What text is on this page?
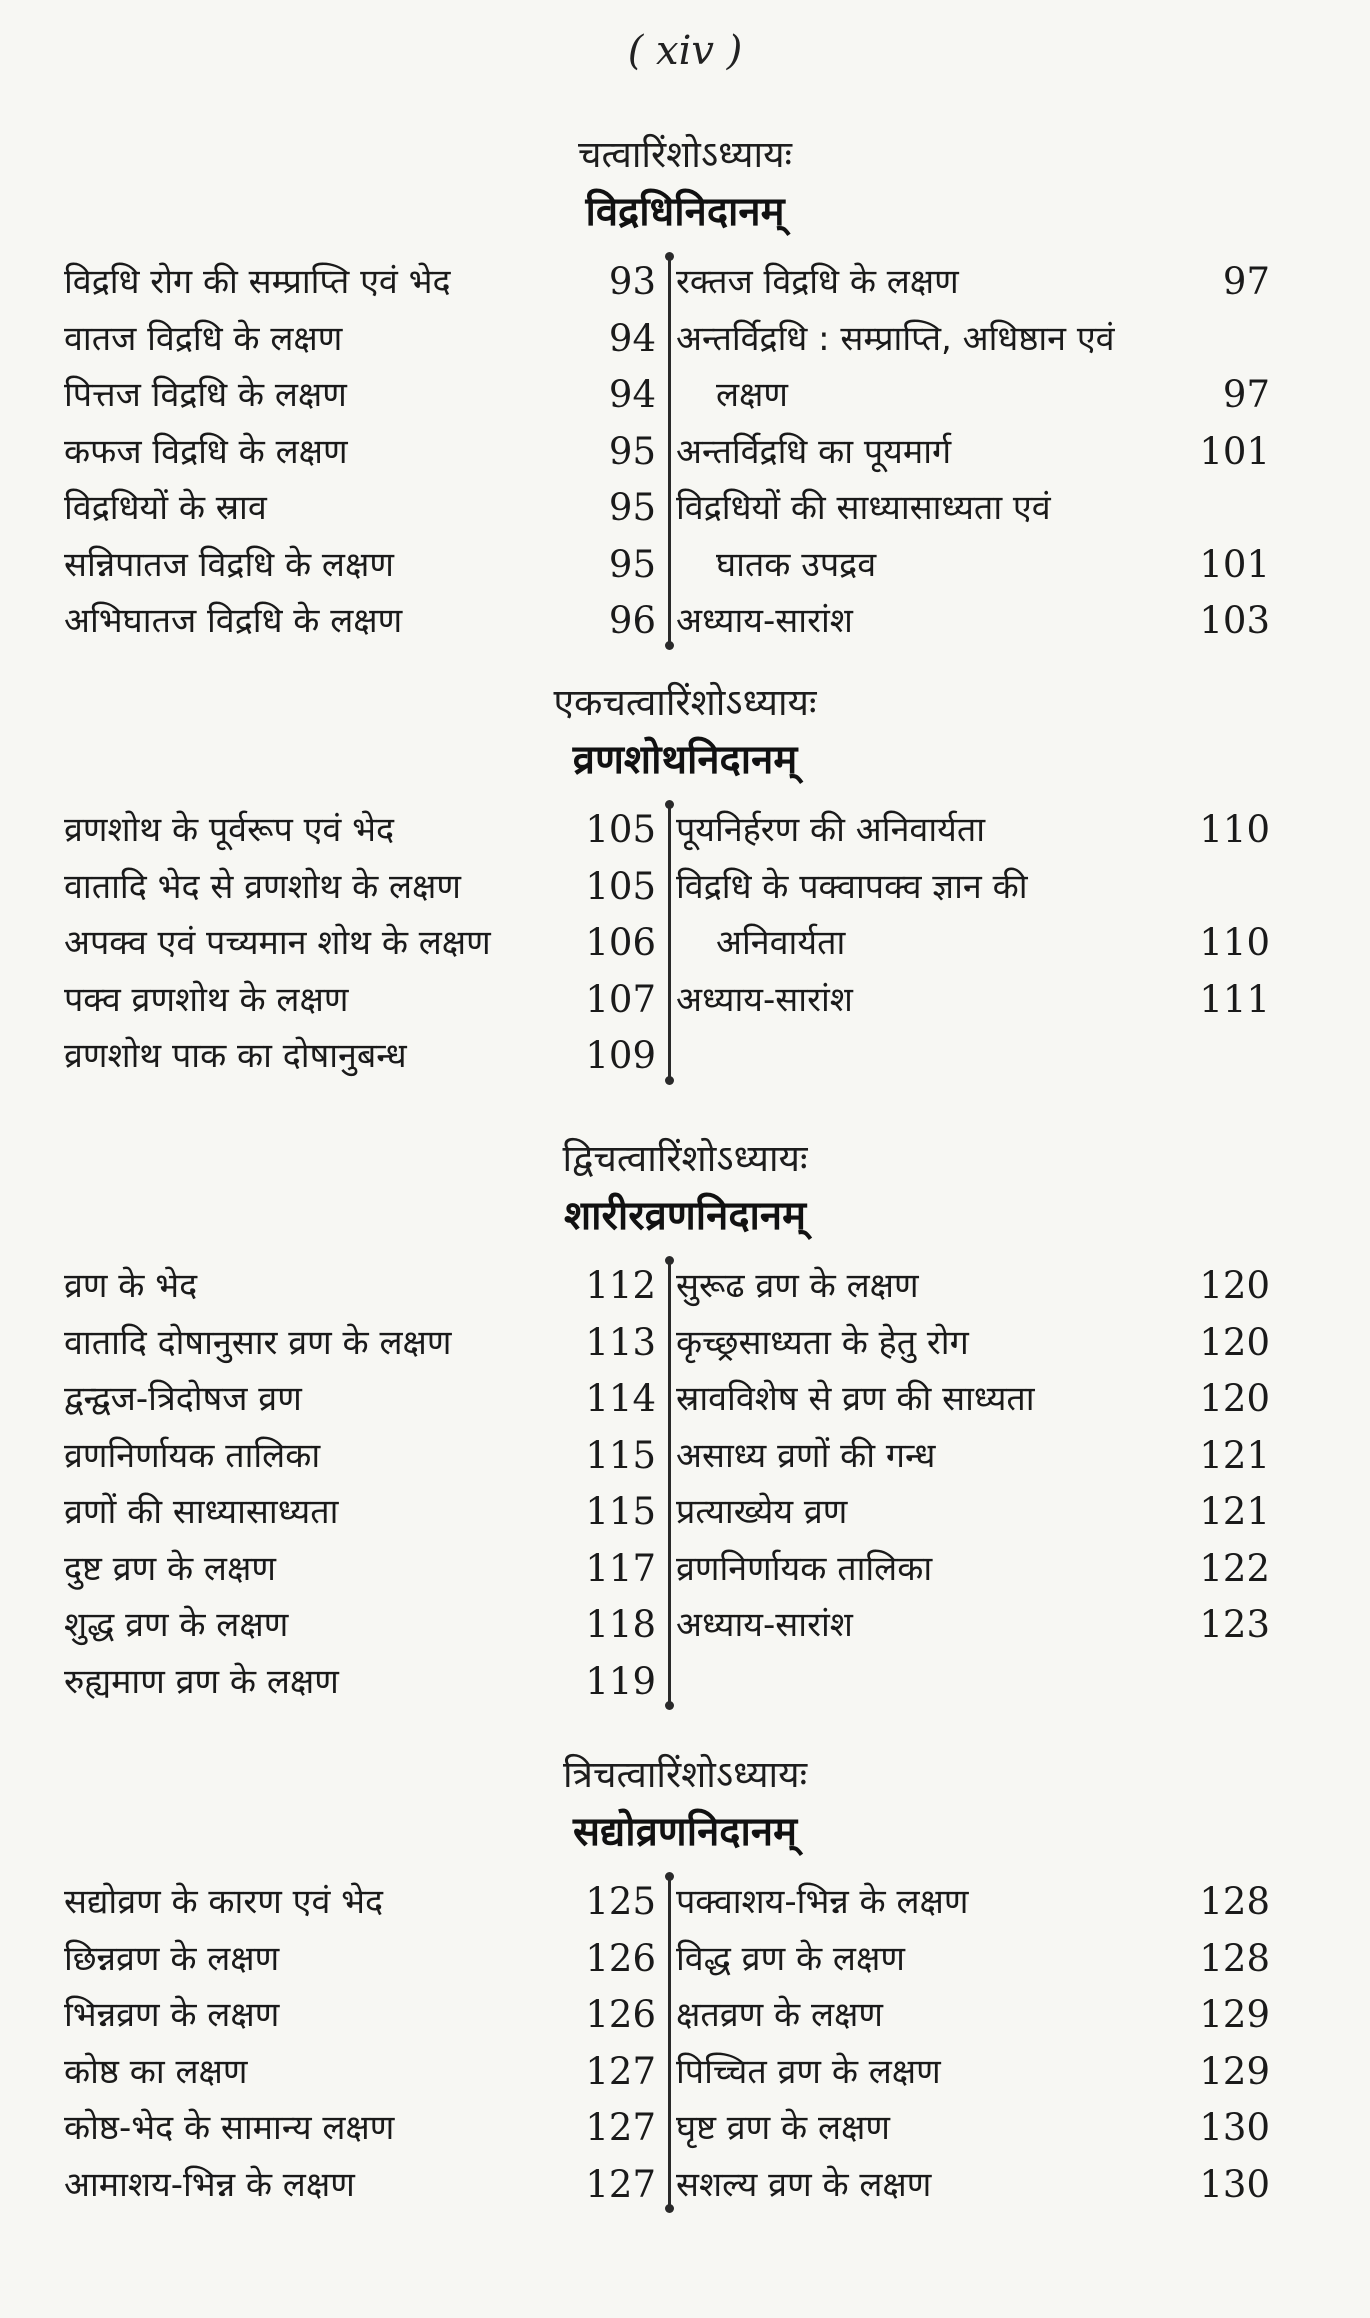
( xiv )
चत्वारिंशोऽध्यायः
विद्रधिनिदानम्
विद्रधि रोग की सम्प्राप्ति एवं भेद	93
वातज विद्रधि के लक्षण	94
पित्तज विद्रधि के लक्षण	94
कफज विद्रधि के लक्षण	95
विद्रधियों के स्राव	95
सन्निपातज विद्रधि के लक्षण	95
अभिघातज विद्रधि के लक्षण	96
रक्तज विद्रधि के लक्षण	97
अन्तर्विद्रधि : सम्प्राप्ति, अधिष्ठान एवं
लक्षण	97
अन्तर्विद्रधि का पूयमार्ग	101
विद्रधियों की साध्यासाध्यता एवं
घातक उपद्रव	101
अध्याय-सारांश	103
एकचत्वारिंशोऽध्यायः
व्रणशोथनिदानम्
व्रणशोथ के पूर्वरूप एवं भेद	105
वातादि भेद से व्रणशोथ के लक्षण	105
अपक्व एवं पच्यमान शोथ के लक्षण	106
पक्व व्रणशोथ के लक्षण	107
व्रणशोथ पाक का दोषानुबन्ध	109
पूयनिर्हरण की अनिवार्यता	110
विद्रधि के पक्वापक्व ज्ञान की
अनिवार्यता	110
अध्याय-सारांश	111
द्विचत्वारिंशोऽध्यायः
शारीरव्रणनिदानम्
व्रण के भेद	112
वातादि दोषानुसार व्रण के लक्षण	113
द्वन्द्वज-त्रिदोषज व्रण	114
व्रणनिर्णायक तालिका	115
व्रणों की साध्यासाध्यता	115
दुष्ट व्रण के लक्षण	117
शुद्ध व्रण के लक्षण	118
रुह्यमाण व्रण के लक्षण	119
सुरूढ व्रण के लक्षण	120
कृच्छ्रसाध्यता के हेतु रोग	120
स्रावविशेष से व्रण की साध्यता	120
असाध्य व्रणों की गन्ध	121
प्रत्याख्येय व्रण	121
व्रणनिर्णायक तालिका	122
अध्याय-सारांश	123
त्रिचत्वारिंशोऽध्यायः
सद्योव्रणनिदानम्
सद्योव्रण के कारण एवं भेद	125
छिन्नव्रण के लक्षण	126
भिन्नव्रण के लक्षण	126
कोष्ठ का लक्षण	127
कोष्ठ-भेद के सामान्य लक्षण	127
आमाशय-भिन्न के लक्षण	127
पक्वाशय-भिन्न के लक्षण	128
विद्ध व्रण के लक्षण	128
क्षतव्रण के लक्षण	129
पिच्चित व्रण के लक्षण	129
घृष्ट व्रण के लक्षण	130
सशल्य व्रण के लक्षण	130
